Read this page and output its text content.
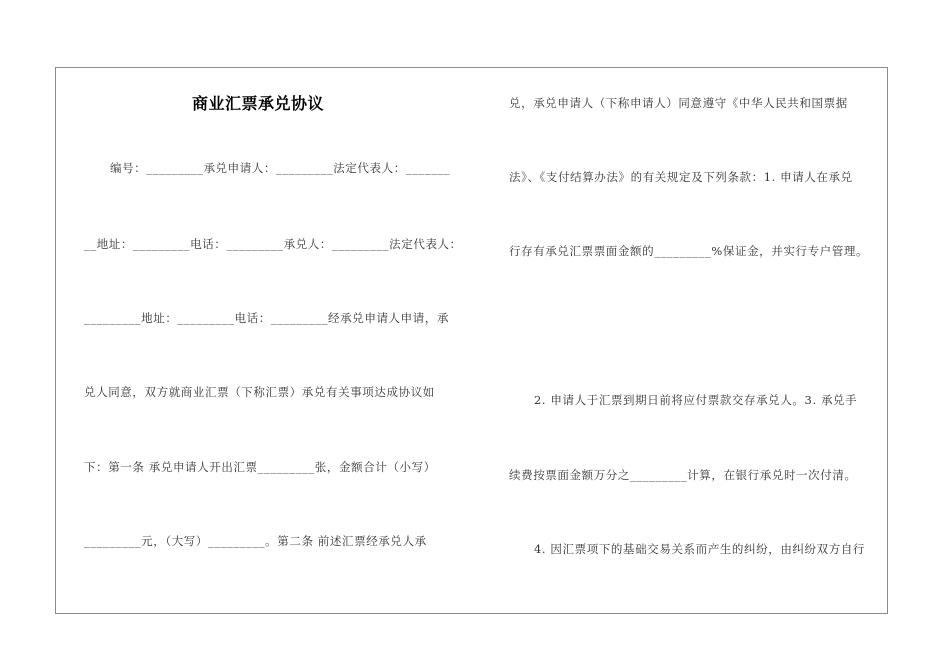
商业汇票承兑协议
编号：_________承兑申请人：_________法定代表人：_______
__地址：_________电话：_________承兑人：_________法定代表人：
_________地址：_________电话：_________经承兑申请人申请，承
兑人同意，双方就商业汇票（下称汇票）承兑有关事项达成协议如
下：第一条 承兑申请人开出汇票_________张，金额合计（小写）
_________元，（大写）_________。第二条 前述汇票经承兑人承
兑，承兑申请人（下称申请人）同意遵守《中华人民共和国票据
法》、《支付结算办法》的有关规定及下列条款：1. 申请人在承兑
行存有承兑汇票票面金额的_________%保证金，并实行专户管理。
2. 申请人于汇票到期日前将应付票款交存承兑人。3. 承兑手
续费按票面金额万分之_________计算，在银行承兑时一次付清。
4. 因汇票项下的基础交易关系而产生的纠纷，由纠纷双方自行
